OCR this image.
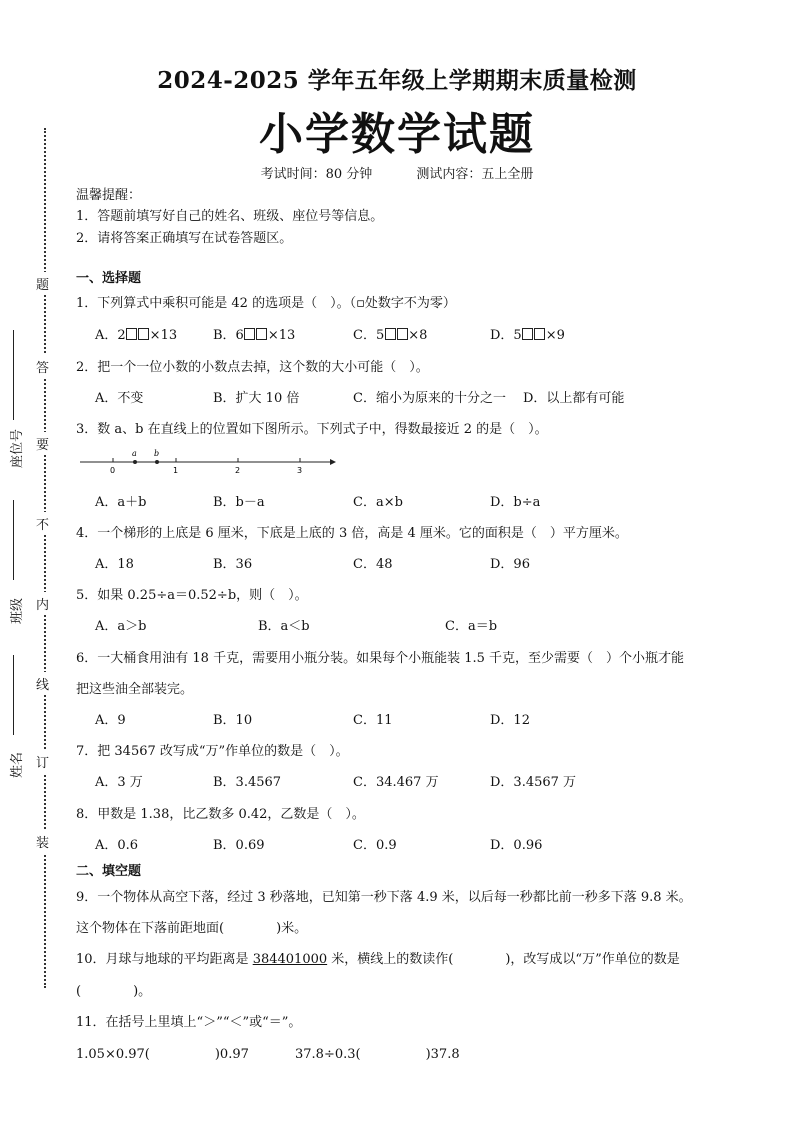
题
答
要
不
内
线
订
装
座位号
班级
姓名
2024-2025 学年五年级上学期期末质量检测
小学数学试题
考试时间：80 分钟	测试内容：五上全册
温馨提醒：
1．答题前填写好自己的姓名、班级、座位号等信息。
2．请将答案正确填写在试卷答题区。
一、选择题
1．下列算式中乘积可能是 42 的选项是（　）。（▫处数字不为零）
A．2 ×13	B．6 ×13	C．5 ×8	D．5 ×9
2．把一个一位小数的小数点去掉，这个数的大小可能（　）。
A．不变	B．扩大 10 倍	C．缩小为原来的十分之一 D．以上都有可能
3．数 a、b 在直线上的位置如下图所示。下列式子中，得数最接近 2 的是（　）。
0	1	2	3
a b
A．a＋b	B．b－a	C．a×b	D．b÷a
4．一个梯形的上底是 6 厘米，下底是上底的 3 倍，高是 4 厘米。它的面积是（　）平方厘米。
A．18	B．36	C．48	D．96
5．如果 0.25÷a＝0.52÷b，则（　）。
A．a＞b	B．a＜b	C．a＝b
6．一大桶食用油有 18 千克，需要用小瓶分装。如果每个小瓶能装 1.5 千克，至少需要（　）个小瓶才能
把这些油全部装完。
A．9	B．10	C．11	D．12
7．把 34567 改写成“万”作单位的数是（　）。
A．3 万	B．3.4567	C．34.467 万	D．3.4567 万
8．甲数是 1.38，比乙数多 0.42，乙数是（　）。
A．0.6	B．0.69	C．0.9	D．0.96
二、填空题
9．一个物体从高空下落，经过 3 秒落地，已知第一秒下落 4.9 米，以后每一秒都比前一秒多下落 9.8 米。
这个物体在下落前距地面(　　　　)米。
10．月球与地球的平均距离是 384401000 米，横线上的数读作(　　　　)，改写成以“万”作单位的数是
(　　　　)。
11．在括号上里填上“＞”“＜”或“＝”。
1.05×0.97(　　　　　)0.97	37.8÷0.3(　　　　　)37.8
